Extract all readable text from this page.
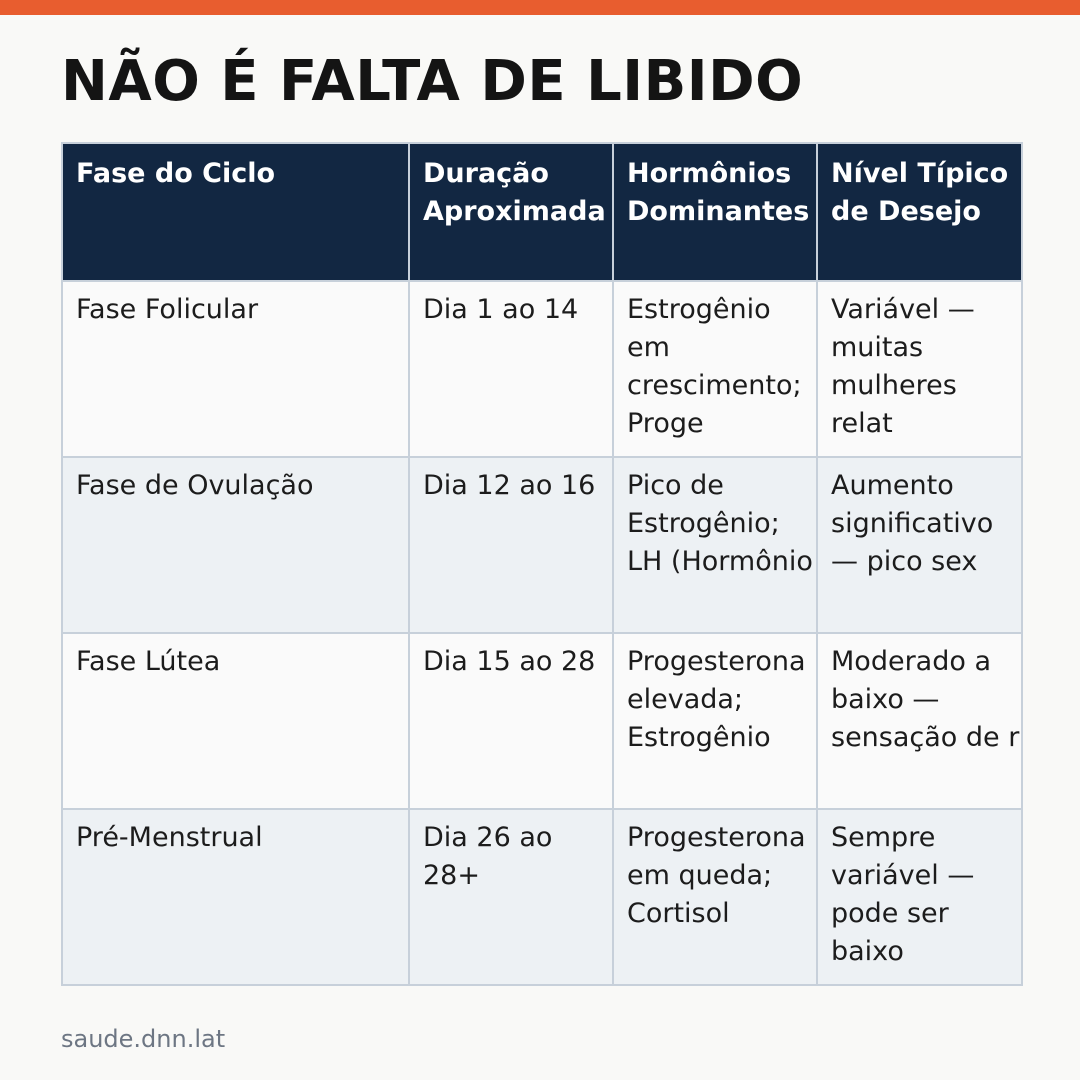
NÃO É FALTA DE LIBIDO
Fase do Ciclo	Duração Aproximada	Hormônios Dominantes	Nível Típico de Desejo

Fase Folicular	Dia 1 ao 14	Estrogênio em crescimento; Proge	Variável — muitas mulheres relat

Fase de Ovulação	Dia 12 ao 16	Pico de Estrogênio; LH (Hormônio	Aumento significativo — pico sex

Fase Lútea	Dia 15 ao 28	Progesterona elevada; Estrogênio	Moderado a baixo — sensação de r

Pré-Menstrual	Dia 26 ao 28+	Progesterona em queda; Cortisol	Sempre variável — pode ser baixo
saude.dnn.lat
